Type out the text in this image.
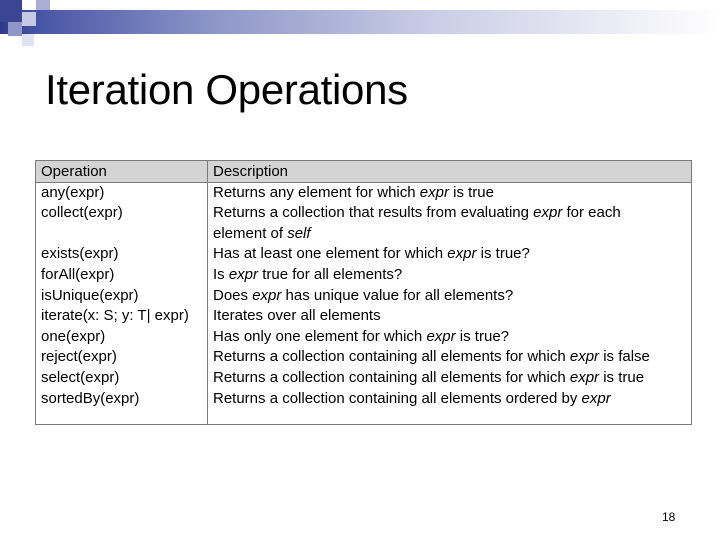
Iteration Operations
Operation
any(expr)
collect(expr)
exists(expr)
forAll(expr)
isUnique(expr)
iterate(x: S; y: T| expr)
one(expr)
reject(expr)
select(expr)
sortedBy(expr)
Description
Returns any element for which expr is true
Returns a collection that results from evaluating expr for each
element of self
Has at least one element for which expr is true?
Is expr true for all elements?
Does expr has unique value for all elements?
Iterates over all elements
Has only one element for which expr is true?
Returns a collection containing all elements for which expr is false
Returns a collection containing all elements for which expr is true
Returns a collection containing all elements ordered by expr
18
